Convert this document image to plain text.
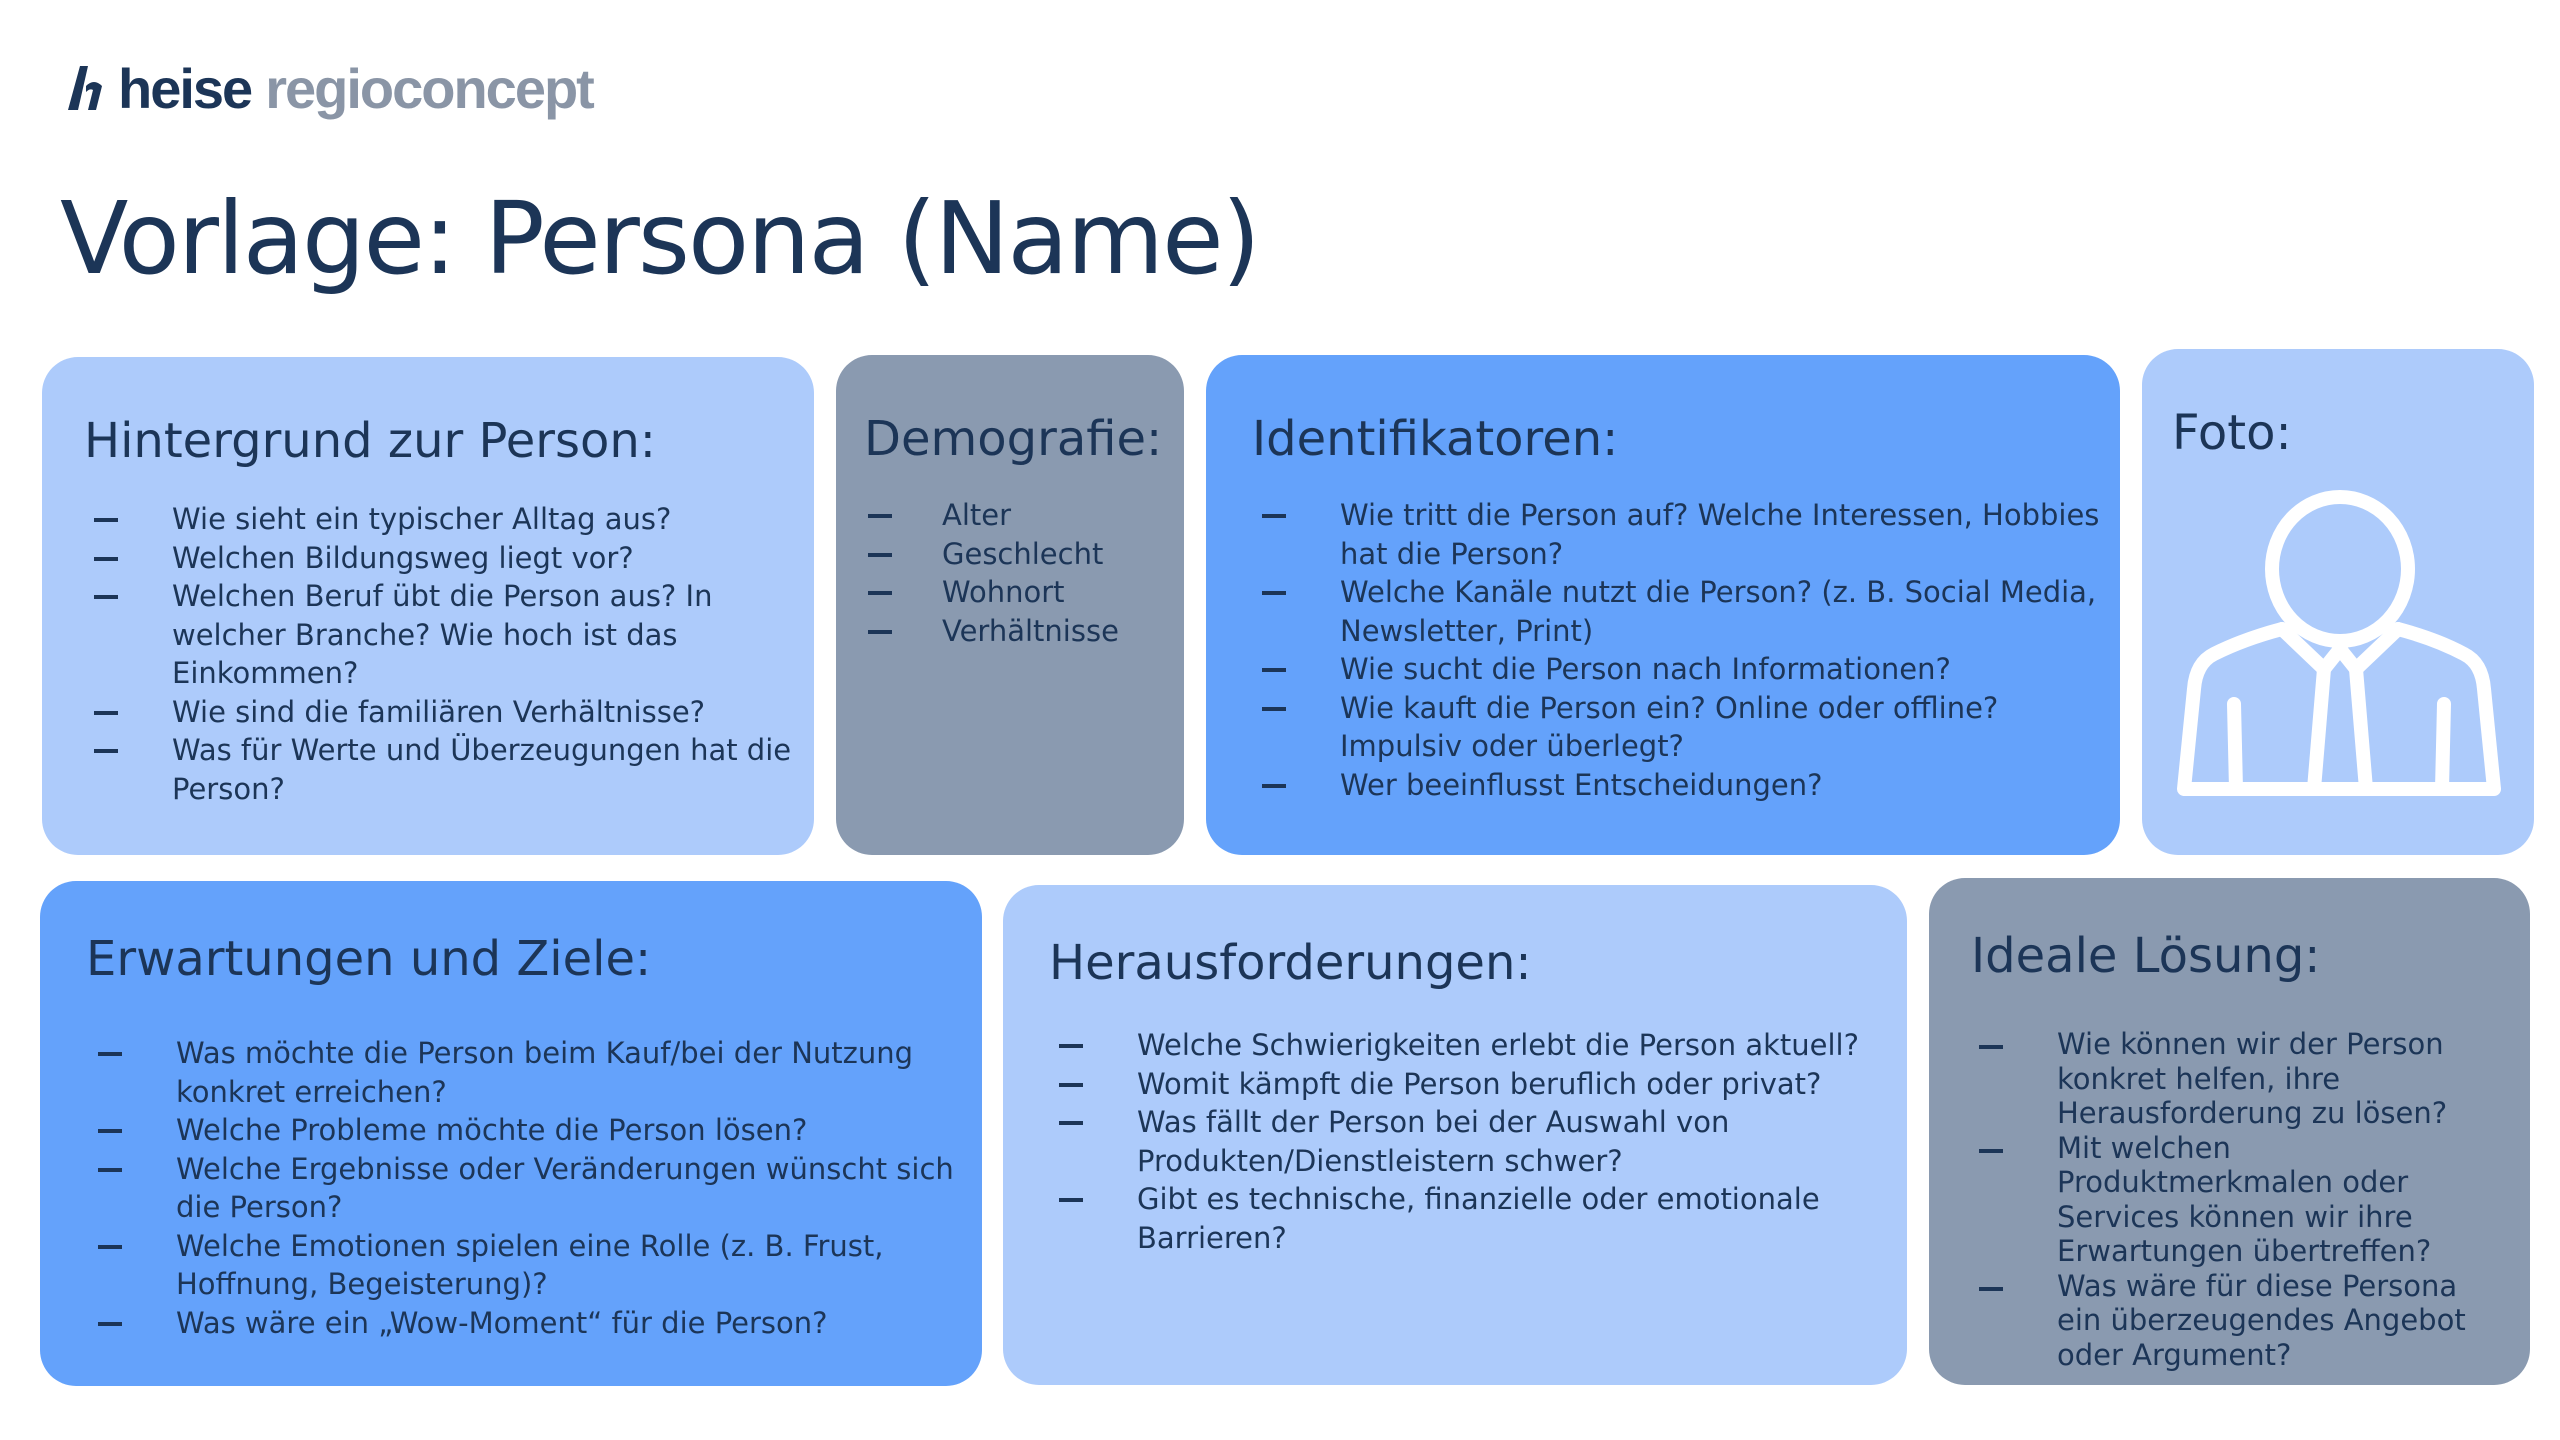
heise regioconcept
Vorlage: Persona (Name)
Hintergrund zur Person:
Wie sieht ein typischer Alltag aus?
Welchen Bildungsweg liegt vor?
Welchen Beruf übt die Person aus? In welcher Branche? Wie hoch ist das Einkommen?
Wie sind die familiären Verhältnisse?
Was für Werte und Überzeugungen hat die Person?
Demografie:
Alter
Geschlecht
Wohnort
Verhältnisse
Identifikatoren:
Wie tritt die Person auf? Welche Interessen, Hobbies hat die Person?
Welche Kanäle nutzt die Person? (z. B. Social Media, Newsletter, Print)
Wie sucht die Person nach Informationen?
Wie kauft die Person ein? Online oder offline? Impulsiv oder überlegt?
Wer beeinflusst Entscheidungen?
Foto:
Erwartungen und Ziele:
Was möchte die Person beim Kauf/bei der Nutzung konkret erreichen?
Welche Probleme möchte die Person lösen?
Welche Ergebnisse oder Veränderungen wünscht sich die Person?
Welche Emotionen spielen eine Rolle (z. B. Frust, Hoffnung, Begeisterung)?
Was wäre ein „Wow-Moment“ für die Person?
Herausforderungen:
Welche Schwierigkeiten erlebt die Person aktuell?
Womit kämpft die Person beruflich oder privat?
Was fällt der Person bei der Auswahl von Produkten/Dienstleistern schwer?
Gibt es technische, finanzielle oder emotionale Barrieren?
Ideale Lösung:
Wie können wir der Person konkret helfen, ihre Herausforderung zu lösen?
Mit welchen Produktmerkmalen oder Services können wir ihre Erwartungen übertreffen?
Was wäre für diese Persona ein überzeugendes Angebot oder Argument?
